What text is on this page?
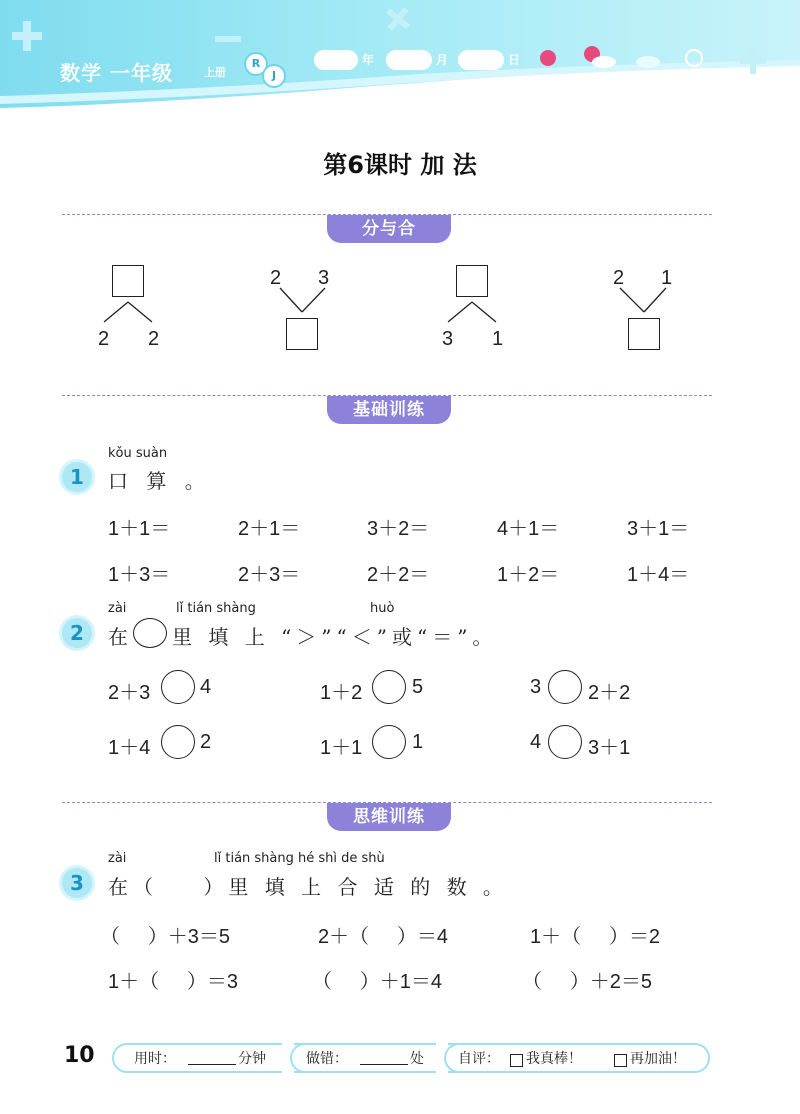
数学 一年级	上册
R
J
年	月	日
第6课时 加 法
分与合
2 2
2 3
3 1
2 1
基础训练
kǒu suàn
1	口 算 。
1＋1＝	2＋1＝	3＋2＝	4＋1＝	3＋1＝
1＋3＝	2＋3＝	2＋2＝	1＋2＝	1＋4＝
zài	lǐ tián shàng	huò
2	在 里 填 上 “＞”“＜”或“＝”。
2＋3 4	1＋2 5	3 2＋2
1＋4 2	1＋1 1	4 3＋1
思维训练
zài	lǐ tián shàng hé shì de shù
3	在（    ）里 填 上 合 适 的 数 。
（     ）＋3＝5	2＋（     ）＝4	1＋（     ）＝2
1＋（     ）＝3	（     ）＋1＝4	（     ）＋2＝5
10	用时：	分钟	做错：	处 自评： 我真棒！	再加油！
